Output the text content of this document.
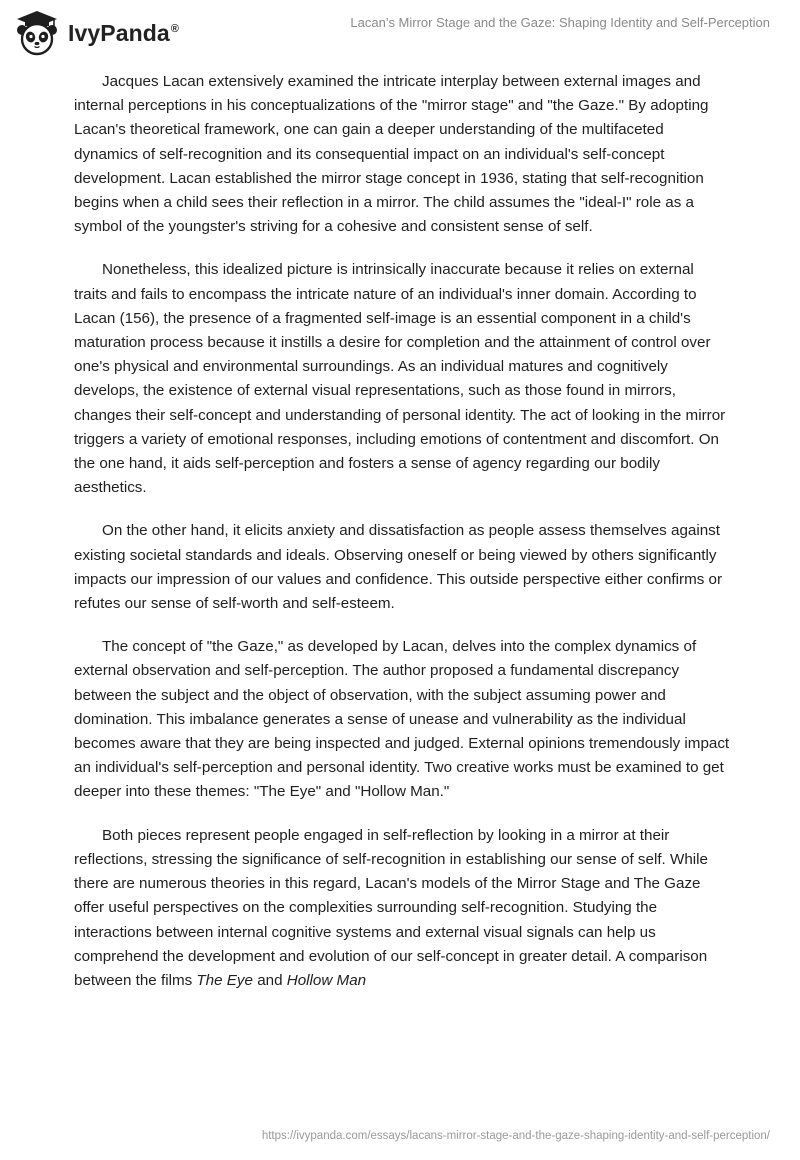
IvyPanda®	Lacan’s Mirror Stage and the Gaze: Shaping Identity and Self-Perception

Jacques Lacan extensively examined the intricate interplay between external images and internal perceptions in his conceptualizations of the "mirror stage" and "the Gaze." By adopting Lacan's theoretical framework, one can gain a deeper understanding of the multifaceted dynamics of self-recognition and its consequential impact on an individual's self-concept development. Lacan established the mirror stage concept in 1936, stating that self-recognition begins when a child sees their reflection in a mirror. The child assumes the "ideal-I" role as a symbol of the youngster's striving for a cohesive and consistent sense of self.

Nonetheless, this idealized picture is intrinsically inaccurate because it relies on external traits and fails to encompass the intricate nature of an individual's inner domain. According to Lacan (156), the presence of a fragmented self-image is an essential component in a child's maturation process because it instills a desire for completion and the attainment of control over one's physical and environmental surroundings. As an individual matures and cognitively develops, the existence of external visual representations, such as those found in mirrors, changes their self-concept and understanding of personal identity. The act of looking in the mirror triggers a variety of emotional responses, including emotions of contentment and discomfort. On the one hand, it aids self-perception and fosters a sense of agency regarding our bodily aesthetics.

On the other hand, it elicits anxiety and dissatisfaction as people assess themselves against existing societal standards and ideals. Observing oneself or being viewed by others significantly impacts our impression of our values and confidence. This outside perspective either confirms or refutes our sense of self-worth and self-esteem.

The concept of "the Gaze," as developed by Lacan, delves into the complex dynamics of external observation and self-perception. The author proposed a fundamental discrepancy between the subject and the object of observation, with the subject assuming power and domination. This imbalance generates a sense of unease and vulnerability as the individual becomes aware that they are being inspected and judged. External opinions tremendously impact an individual's self-perception and personal identity. Two creative works must be examined to get deeper into these themes: "The Eye" and "Hollow Man."

Both pieces represent people engaged in self-reflection by looking in a mirror at their reflections, stressing the significance of self-recognition in establishing our sense of self. While there are numerous theories in this regard, Lacan's models of the Mirror Stage and The Gaze offer useful perspectives on the complexities surrounding self-recognition. Studying the interactions between internal cognitive systems and external visual signals can help us comprehend the development and evolution of our self-concept in greater detail. A comparison between the films The Eye and Hollow Man

https://ivypanda.com/essays/lacans-mirror-stage-and-the-gaze-shaping-identity-and-self-perception/
